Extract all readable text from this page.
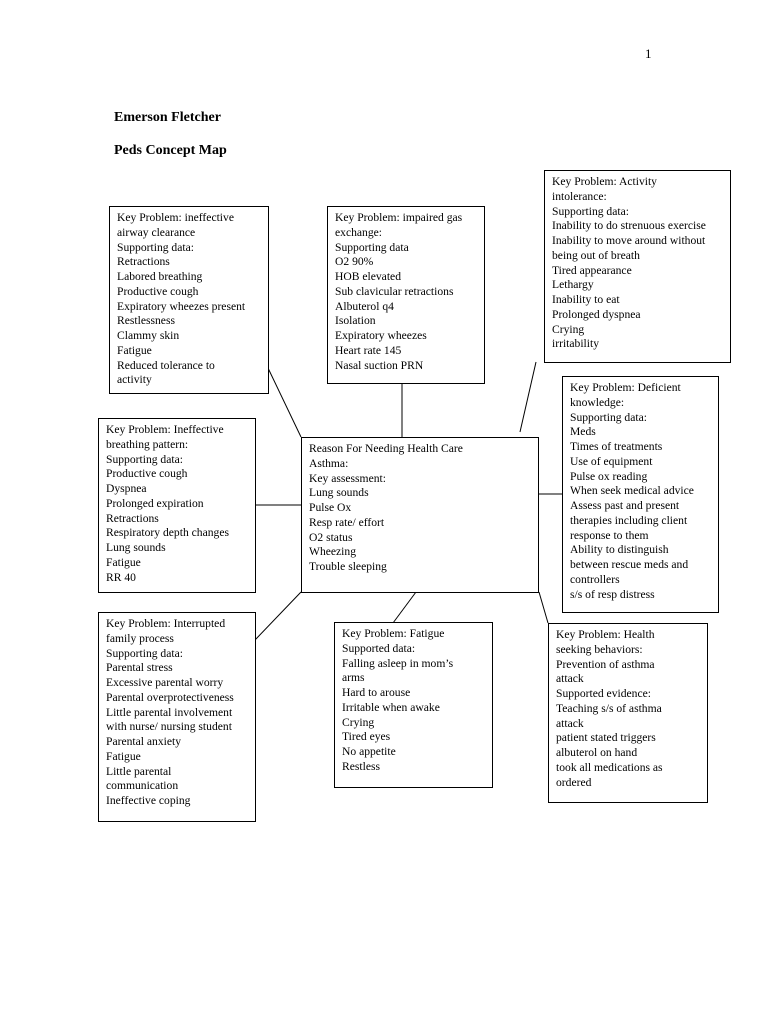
1
Emerson Fletcher
Peds Concept Map
Key Problem: ineffective
airway clearance
Supporting data:
Retractions
Labored breathing
Productive cough
Expiratory wheezes present
Restlessness
Clammy skin
Fatigue
Reduced tolerance to
activity
Key Problem: impaired gas
exchange:
Supporting data
O2 90%
HOB elevated
Sub clavicular retractions
Albuterol q4
Isolation
Expiratory wheezes
Heart rate 145
Nasal suction PRN
Key Problem: Activity
intolerance:
Supporting data:
Inability to do strenuous exercise
Inability to move around without
being out of breath
Tired appearance
Lethargy
Inability to eat
Prolonged dyspnea
Crying
irritability
Key Problem: Deficient
knowledge:
Supporting data:
Meds
Times of treatments
Use of equipment
Pulse ox reading
When seek medical advice
Assess past and present
therapies including client
response to them
Ability to distinguish
between rescue meds and
controllers
s/s of resp distress
Reason For Needing Health Care
Asthma:
Key assessment:
Lung sounds
Pulse Ox
Resp rate/ effort
O2 status
Wheezing
Trouble sleeping
Key Problem: Ineffective
breathing pattern:
Supporting data:
Productive cough
Dyspnea
Prolonged expiration
Retractions
Respiratory depth changes
Lung sounds
Fatigue
RR 40
Key Problem: Interrupted
family process
Supporting data:
Parental stress
Excessive parental worry
Parental overprotectiveness
Little parental involvement
with nurse/ nursing student
Parental anxiety
Fatigue
Little parental
communication
Ineffective coping
Key Problem: Fatigue
Supported data:
Falling asleep in mom’s
arms
Hard to arouse
Irritable when awake
Crying
Tired eyes
No appetite
Restless
Key Problem: Health
seeking behaviors:
Prevention of asthma
attack
Supported evidence:
Teaching s/s of asthma
attack
patient stated triggers
albuterol on hand
took all medications as
ordered
